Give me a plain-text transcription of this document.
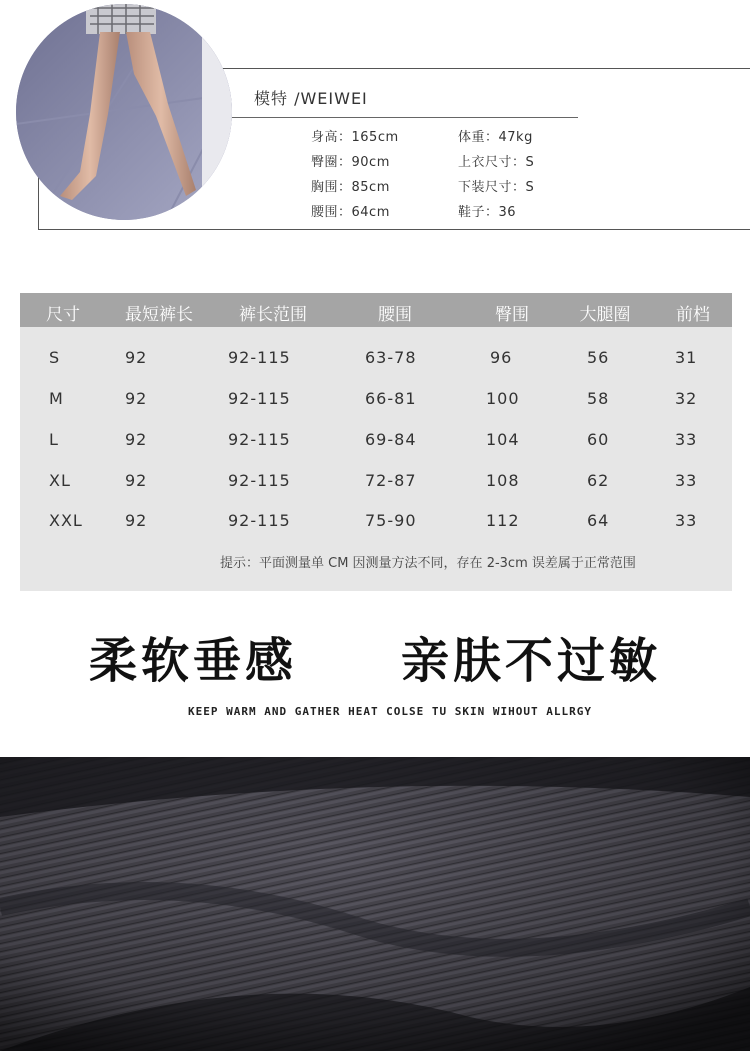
模特 /WEIWEI
身高：165cm
臀圈：90cm
胸围：85cm
腰围：64cm
体重：47kg
上衣尺寸：S
下装尺寸：S
鞋子：36
尺寸	最短裤长	裤长范围	腰围	臀围	大腿圈	前档
S	92	92-115	63-78	96	56	31
M	92	92-115	66-81	100	58	32
L	92	92-115	69-84	104	60	33
XL	92	92-115	72-87	108	62	33
XXL	92	92-115	75-90	112	64	33
提示：平面测量单 CM 因测量方法不同，存在 2-3cm 误差属于正常范围
柔软垂感　　亲肤不过敏
KEEP WARM AND GATHER HEAT COLSE TU SKIN WIHOUT ALLRGY
